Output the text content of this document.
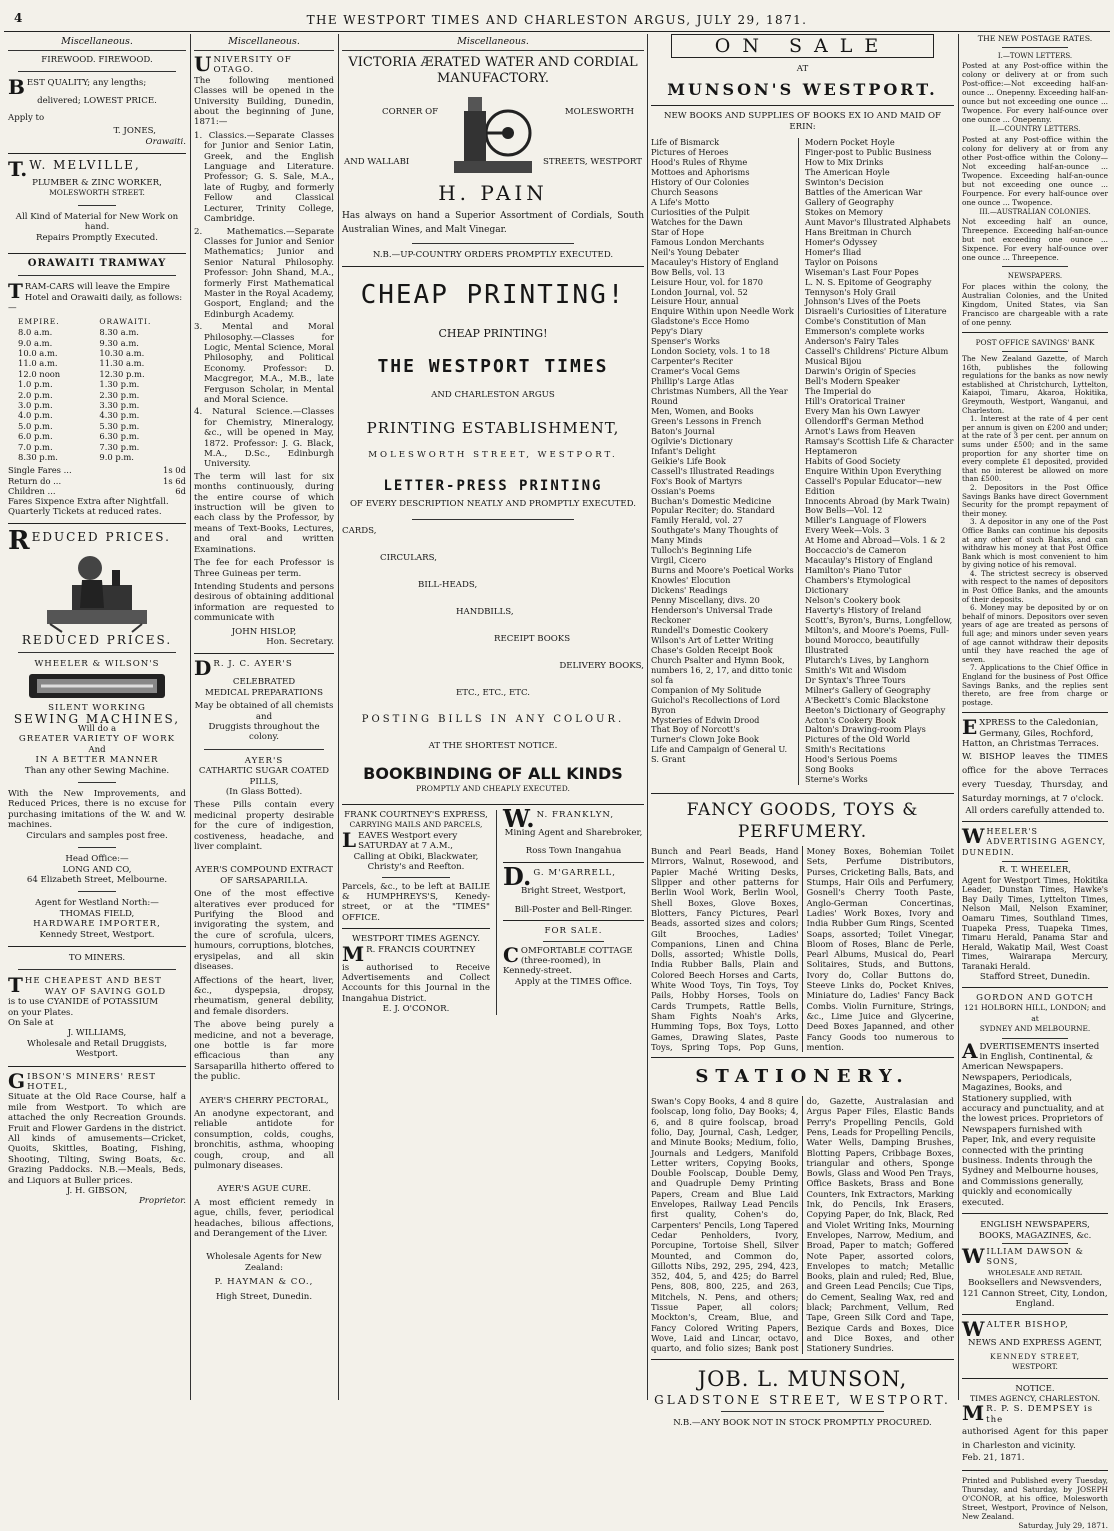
4	THE WESTPORT TIMES AND CHARLESTON ARGUS, JULY 29, 1871.
Miscellaneous.
FIREWOOD. FIREWOOD.
BEST QUALITY; any lengths;
delivered; LOWEST PRICE.
Apply to
T. JONES,
Orawaiti.
T. W. MELVILLE,
PLUMBER & ZINC WORKER,
MOLESWORTH STREET.
All Kind of Material for New Work on hand.
Repairs Promptly Executed.
ORAWAITI TRAMWAY
TRAM-CARS will leave the Empire Hotel and Orawaiti daily, as follows:—
EMPIRE.	ORAWAITI.
8.0 a.m.	8.30 a.m.
9.0 a.m.	9.30 a.m.
10.0 a.m.	10.30 a.m.
11.0 a.m.	11.30 a.m.
12.0 noon	12.30 p.m.
1.0 p.m.	1.30 p.m.
2.0 p.m.	2.30 p.m.
3.0 p.m.	3.30 p.m.
4.0 p.m.	4.30 p.m.
5.0 p.m.	5.30 p.m.
6.0 p.m.	6.30 p.m.
7.0 p.m.	7.30 p.m.
8.30 p.m.	9.0 p.m.
Single Fares ...	1s 0d
Return do ...	1s 6d
Children ...	6d
Fares Sixpence Extra after Nightfall.
Quarterly Tickets at reduced rates.
REDUCED PRICES.
REDUCED PRICES.
WHEELER & WILSON'S
SILENT WORKING
SEWING MACHINES,
Will do a
GREATER VARIETY OF WORK
And
IN A BETTER MANNER
Than any other Sewing Machine.
With the New Improvements, and Reduced Prices, there is no excuse for purchasing imitations of the W. and W. machines.
Circulars and samples post free.
Head Office:—
LONG AND CO,
64 Elizabeth Street, Melbourne.
Agent for Westland North:—
THOMAS FIELD,
HARDWARE IMPORTER,
Kennedy Street, Westport.
TO MINERS.
THE CHEAPEST AND BEST
WAY OF SAVING GOLD
is to use CYANIDE of POTASSIUM
on your Plates.
On Sale at
J. WILLIAMS,
Wholesale and Retail Druggists,
Westport.
GIBSON'S MINERS' REST HOTEL,
Situate at the Old Race Course, half a mile from Westport. To which are attached the only Recreation Grounds. Fruit and Flower Gardens in the district. All kinds of amusements—Cricket, Quoits, Skittles, Boating, Fishing, Shooting, Tilting, Swing Boats, &c. Grazing Paddocks. N.B.—Meals, Beds, and Liquors at Buller prices.
J. H. GIBSON,
Proprietor.
Miscellaneous.
UNIVERSITY OF OTAGO.
The following mentioned Classes will be opened in the University Building, Dunedin, about the beginning of June, 1871:—
1. Classics.—Separate Classes for Junior and Senior Latin, Greek, and the English Language and Literature. Professor; G. S. Sale, M.A., late of Rugby, and formerly Fellow and Classical Lecturer, Trinity College, Cambridge.
2. Mathematics.—Separate Classes for Junior and Senior Mathematics; Junior and Senior Natural Philosophy. Professor: John Shand, M.A., formerly First Mathematical Master in the Royal Academy, Gosport, England; and the Edinburgh Academy.
3. Mental and Moral Philosophy.—Classes for Logic, Mental Science, Moral Philosophy, and Political Economy. Professor: D. Macgregor, M.A., M.B., late Ferguson Scholar, in Mental and Moral Science.
4. Natural Science.—Classes for Chemistry, Mineralogy, &c., will be opened in May, 1872. Professor: J. G. Black, M.A., D.Sc., Edinburgh University.
The term will last for six months continuously, during the entire course of which instruction will be given to each class by the Professor, by means of Text-Books, Lectures, and oral and written Examinations.
The fee for each Professor is Three Guineas per term.
Intending Students and persons desirous of obtaining additional information are requested to communicate with
JOHN HISLOP,
Hon. Secretary.
D R. J. C. AYER'S
CELEBRATED
MEDICAL PREPARATIONS
May be obtained of all chemists and
Druggists throughout the colony.
AYER'S
CATHARTIC SUGAR COATED
PILLS,
(In Glass Botted).
These Pills contain every medicinal property desirable for the cure of indigestion, costiveness, headache, and liver complaint.
AYER'S COMPOUND EXTRACT OF SARSAPARILLA.
One of the most effective alteratives ever produced for Purifying the Blood and invigorating the system, and the cure of scrofula, ulcers, humours, corruptions, blotches, erysipelas, and all skin diseases.
Affections of the heart, liver, &c., dyspepsia, dropsy, rheumatism, general debility, and female disorders.
The above being purely a medicine, and not a beverage, one bottle is far more efficacious than any Sarsaparilla hitherto offered to the public.
AYER'S CHERRY PECTORAL,
An anodyne expectorant, and reliable antidote for consumption, colds, coughs, bronchitis, asthma, whooping cough, croup, and all pulmonary diseases.
AYER'S AGUE CURE.
A most efficient remedy in ague, chills, fever, periodical headaches, bilious affections, and Derangement of the Liver.
Wholesale Agents for New Zealand:
P. HAYMAN & CO.,
High Street, Dunedin.
Miscellaneous.
VICTORIA ÆRATED WATER AND CORDIAL MANUFACTORY.
CORNER OF	MOLESWORTH
AND WALLABI	STREETS, WESTPORT
H. PAIN
Has always on hand a Superior Assortment of Cordials, South Australian Wines, and Malt Vinegar.
N.B.—UP-COUNTRY ORDERS PROMPTLY EXECUTED.
CHEAP PRINTING!
CHEAP PRINTING!
THE WESTPORT TIMES
AND CHARLESTON ARGUS
PRINTING ESTABLISHMENT,
MOLESWORTH STREET, WESTPORT.
LETTER-PRESS PRINTING
OF EVERY DESCRIPTION NEATLY AND PROMPTLY EXECUTED.
CARDS,
CIRCULARS,
BILL-HEADS,
HANDBILLS,
RECEIPT BOOKS
DELIVERY BOOKS,
ETC., ETC., ETC.
POSTING BILLS IN ANY COLOUR.
AT THE SHORTEST NOTICE.
BOOKBINDING OF ALL KINDS
PROMPTLY AND CHEAPLY EXECUTED.
FRANK COURTNEY'S EXPRESS,
CARRYING MAILS AND PARCELS,
LEAVES Westport every SATURDAY at 7 A.M.,
Calling at Obiki, Blackwater, Christy's and Reefton.
Parcels, &c., to be left at BAILIE & HUMPHREYS'S, Kenedy-street, or at the "TIMES" OFFICE.
WESTPORT TIMES AGENCY.
M R. FRANCIS COURTNEY
is authorised to Receive Advertisements and Collect Accounts for this Journal in the Inangahua District.
E. J. O'CONOR.
W. N. FRANKLYN,
Mining Agent and Sharebroker,
Ross Town Inangahua
D. G. M'GARRELL,
Bright Street, Westport,
Bill-Poster and Bell-Ringer.
FOR SALE.
COMFORTABLE COTTAGE (three-roomed), in Kennedy-street.
Apply at the TIMES Office.
ON SALE
AT
MUNSON'S WESTPORT.
NEW BOOKS AND SUPPLIES OF BOOKS EX IO AND MAID OF ERIN:
Life of Bismarck
Pictures of Heroes
Hood's Rules of Rhyme
Mottoes and Aphorisms
History of Our Colonies
Church Seasons
A Life's Motto
Curiosities of the Pulpit
Watches for the Dawn
Star of Hope
Famous London Merchants
Neil's Young Debater
Macauley's History of England
Bow Bells, vol. 13
Leisure Hour, vol. for 1870
London Journal, vol. 52
Leisure Hour, annual
Enquire Within upon Needle Work
Gladstone's Ecce Homo
Pepy's Diary
Spenser's Works
London Society, vols. 1 to 18
Carpenter's Reciter
Cramer's Vocal Gems
Phillip's Large Atlas
Christmas Numbers, All the Year Round
Men, Women, and Books
Green's Lessons in French
Baton's Journal
Ogilvie's Dictionary
Infant's Delight
Geikie's Life Book
Cassell's Illustrated Readings
Fox's Book of Martyrs
Ossian's Poems
Buchan's Domestic Medicine
Popular Reciter; do. Standard
Family Herald, vol. 27
Southgate's Many Thoughts of Many Minds
Tulloch's Beginning Life
Virgil, Cicero
Burns and Moore's Poetical Works
Knowles' Elocution
Dickens' Readings
Penny Miscellany, divs. 20
Henderson's Universal Trade Reckoner
Rundell's Domestic Cookery
Wilson's Art of Letter Writing
Chase's Golden Receipt Book
Church Psalter and Hymn Book, numbers 16, 2, 17, and ditto tonic sol fa
Companion of My Solitude
Guichol's Recollections of Lord Byron
Mysteries of Edwin Drood
That Boy of Norcott's
Turner's Clown Joke Book
Life and Campaign of General U. S. Grant
Modern Pocket Hoyle
Finger-post to Public Business
How to Mix Drinks
The American Hoyle
Swinton's Decision
Battles of the American War
Gallery of Geography
Stokes on Memory
Aunt Mavor's Illustrated Alphabets
Hans Breitman in Church
Homer's Odyssey
Homer's Iliad
Taylor on Poisons
Wiseman's Last Four Popes
L. N. S. Epitome of Geography
Tennyson's Holy Grail
Johnson's Lives of the Poets
Disraeli's Curiosities of Literature
Combe's Constitution of Man
Emmerson's complete works
Anderson's Fairy Tales
Cassell's Childrens' Picture Album
Musical Bijou
Darwin's Origin of Species
Bell's Modern Speaker
The Imperial do
Hill's Oratorical Trainer
Every Man his Own Lawyer
Ollendorff's German Method
Arnot's Laws from Heaven
Ramsay's Scottish Life & Character
Heptameron
Habits of Good Society
Enquire Within Upon Everything
Cassell's Popular Educator—new Edition
Innocents Abroad (by Mark Twain)
Bow Bells—Vol. 12
Miller's Language of Flowers
Every Week—Vols. 3
At Home and Abroad—Vols. 1 & 2
Boccaccio's de Cameron
Macaulay's History of England
Hamilton's Piano Tutor
Chambers's Etymological Dictionary
Nelson's Cookery book
Haverty's History of Ireland
Scott's, Byron's, Burns, Longfellow, Milton's, and Moore's Poems, Full-bound Morocco, beautifully Illustrated
Plutarch's Lives, by Langhorn
Smith's Wit and Wisdom
Dr Syntax's Three Tours
Milner's Gallery of Geography
A'Beckett's Comic Blackstone
Beeton's Dictionary of Geography
Acton's Cookery Book
Dalton's Drawing-room Plays
Pictures of the Old World
Smith's Recitations
Hood's Serious Poems
Song Books
Sterne's Works
FANCY GOODS, TOYS & PERFUMERY.
Bunch and Pearl Beads, Hand Mirrors, Walnut, Rosewood, and Papier Maché Writing Desks, Slipper and other patterns for Berlin Wool Work, Berlin Wool, Shell Boxes, Glove Boxes, Blotters, Fancy Pictures, Pearl Beads, assorted sizes and colors; Gilt Brooches, Ladies' Companions, Linen and China Dolls, assorted; Whistle Dolls, India Rubber Balls, Plain and Colored Beech Horses and Carts, White Wood Toys, Tin Toys, Toy Pails, Hobby Horses, Tools on Cards Trumpets, Rattle Bells, Sham Fights Noah's Arks, Humming Tops, Box Toys, Lotto Games, Drawing Slates, Paste Toys, Spring Tops, Pop Guns, Money Boxes, Bohemian Toilet Sets, Perfume Distributors, Purses, Cricketing Balls, Bats, and Stumps, Hair Oils and Perfumery, Gosnell's Cherry Tooth Paste, Anglo-German Concertinas, Ladies' Work Boxes, Ivory and India Rubber Gum Rings, Scented Soaps, assorted; Toilet Vinegar, Bloom of Roses, Blanc de Perle, Pearl Albums, Musical do, Pearl Solitaires, Studs, and Buttons, Ivory do, Collar Buttons do, Steeve Links do, Pocket Knives, Miniature do, Ladies' Fancy Back Combs. Violin Furniture, Strings, &c., Lime Juice and Glycerine, Deed Boxes Japanned, and other Fancy Goods too numerous to mention.
STATIONERY.
Swan's Copy Books, 4 and 8 quire foolscap, long folio, Day Books; 4, 6, and 8 quire foolscap, broad folio, Day, Journal, Cash, Ledger, and Minute Books; Medium, folio, Journals and Ledgers, Manifold Letter writers, Copying Books, Double Foolscap, Double Demy, and Quadruple Demy Printing Papers, Cream and Blue Laid Envelopes, Railway Lead Pencils first quality, Cohen's do, Carpenters' Pencils, Long Tapered Cedar Penholders, Ivory, Porcupine, Tortoise Shell, Silver Mounted, and Common do, Gillotts Nibs, 292, 295, 294, 423, 352, 404, 5, and 425; do Barrel Pens, 808, 800, 225, and 263, Mitchels, N. Pens, and others; Tissue Paper, all colors; Mockton's, Cream, Blue, and Fancy Colored Writing Papers, Wove, Laid and Lincar, octavo, quarto, and folio sizes; Bank post do, Gazette, Australasian and Argus Paper Files, Elastic Bands Perry's Propelling Pencils, Gold Pens, Leads for Propelling Pencils, Water Wells, Damping Brushes, Blotting Papers, Cribbage Boxes, triangular and others, Sponge Bowls, Glass and Wood Pen Trays, Office Baskets, Brass and Bone Counters, Ink Extractors, Marking Ink, do Pencils, Ink Erasers, Copying Paper, do Ink, Black, Red and Violet Writing Inks, Mourning Envelopes, Narrow, Medium, and Broad, Paper to match; Goffered Note Paper, assorted colors, Envelopes to match; Metallic Books, plain and ruled; Red, Blue, and Green Lead Pencils; Cue Tips, do Cement, Sealing Wax, red and black; Parchment, Vellum, Red Tape, Green Silk Cord and Tape, Bezique Cards and Boxes, Dice and Dice Boxes, and other Stationery Sundries.
JOB. L. MUNSON,
GLADSTONE STREET, WESTPORT.
N.B.—ANY BOOK NOT IN STOCK PROMPTLY PROCURED.
THE NEW POSTAGE RATES.
I.—TOWN LETTERS.
Posted at any Post-office within the colony or delivery at or from such Post-office:—Not exceeding half-an-ounce ... Onepenny. Exceeding half-an-ounce but not exceeding one ounce ... Twopence. For every half-ounce over one ounce ... Onepenny.
II.—COUNTRY LETTERS.
Posted at any Post-office within the colony for delivery at or from any other Post-office within the Colony— Not exceeding half-an-ounce ... Twopence. Exceeding half-an-ounce but not exceeding one ounce ... Fourpence. For every half-ounce over one ounce ... Twopence.
III.—AUSTRALIAN COLONIES.
Not exceeding half an ounce, Threepence. Exceeding half-an-ounce but not exceeding one ounce ... Sixpence. For every half-ounce over one ounce ... Threepence.
NEWSPAPERS.
For places within the colony, the Australian Colonies, and the United Kingdom, United States, via San Francisco are chargeable with a rate of one penny.
POST OFFICE SAVINGS' BANK
The New Zealand Gazette, of March 16th, publishes the following regulations for the banks as now newly established at Christchurch, Lyttelton, Kaiapoi, Timaru, Akaroa, Hokitika, Greymouth, Westport, Wanganui, and Charleston.
1. Interest at the rate of 4 per cent per annum is given on £200 and under; at the rate of 3 per cent. per annum on sums under £500; and in the same proportion for any shorter time on every complete £1 deposited, provided that no interest be allowed on more than £500.
2. Depositors in the Post Office Savings Banks have direct Government Security for the prompt repayment of their money.
3. A depositor in any one of the Post Office Banks can continue his deposits at any other of such Banks, and can withdraw his money at that Post Office Bank which is most convenient to him by giving notice of his removal.
4. The strictest secrecy is observed with respect to the names of depositors in Post Office Banks, and the amounts of their deposits.
6. Money may be deposited by or on behalf of minors. Depositors over seven years of age are treated as persons of full age; and minors under seven years of age cannot withdraw their deposits until they have reached the age of seven.
7. Applications to the Chief Office in England for the business of Post Office Savings Banks, and the replies sent thereto, are free from charge or postage.
EXPRESS to the Caledonian, Germany, Giles, Rochford, Hatton, an Christmas Terraces.
W. BISHOP leaves the TIMES office for the above Terraces every Tuesday, Thursday, and Saturday mornings, at 7 o'clock.
All orders carefully attended to.
WHEELER'S ADVERTISING AGENCY, DUNEDIN.
R. T. WHEELER,
Agent for Westport Times, Hokitika Leader, Dunstan Times, Hawke's Bay Daily Times, Lyttelton Times, Nelson Mail, Nelson Examiner, Oamaru Times, Southland Times, Tuapeka Press, Tuapeka Times, Timaru Herald, Panama Star and Herald, Wakatip Mail, West Coast Times, Wairarapa Mercury, Taranaki Herald.
Stafford Street, Dunedin.
GORDON AND GOTCH
121 HOLBORN HILL, LONDON; and at
SYDNEY AND MELBOURNE.
ADVERTISEMENTS inserted in English, Continental, & American Newspapers. Newspapers, Periodicals, Magazines, Books, and Stationery supplied, with accuracy and punctuality, and at the lowest prices. Proprietors of Newspapers furnished with Paper, Ink, and every requisite connected with the printing business. Indents through the Sydney and Melbourne houses, and Commissions generally, quickly and economically executed.
ENGLISH NEWSPAPERS, BOOKS, MAGAZINES, &c.
WILLIAM DAWSON & SONS,
WHOLESALE AND RETAIL
Booksellers and Newsvenders, 121 Cannon Street, City, London, England.
WALTER BISHOP,
NEWS AND EXPRESS AGENT,
KENNEDY STREET,
WESTPORT.
NOTICE.
TIMES AGENCY, CHARLESTON.
M R. P. S. DEMPSEY is the
authorised Agent for this paper in Charleston and vicinity.
Feb. 21, 1871.
Printed and Published every Tuesday, Thursday, and Saturday, by JOSEPH O'CONOR, at his office, Molesworth Street, Westport, Province of Nelson, New Zealand.
Saturday, July 29, 1871.
